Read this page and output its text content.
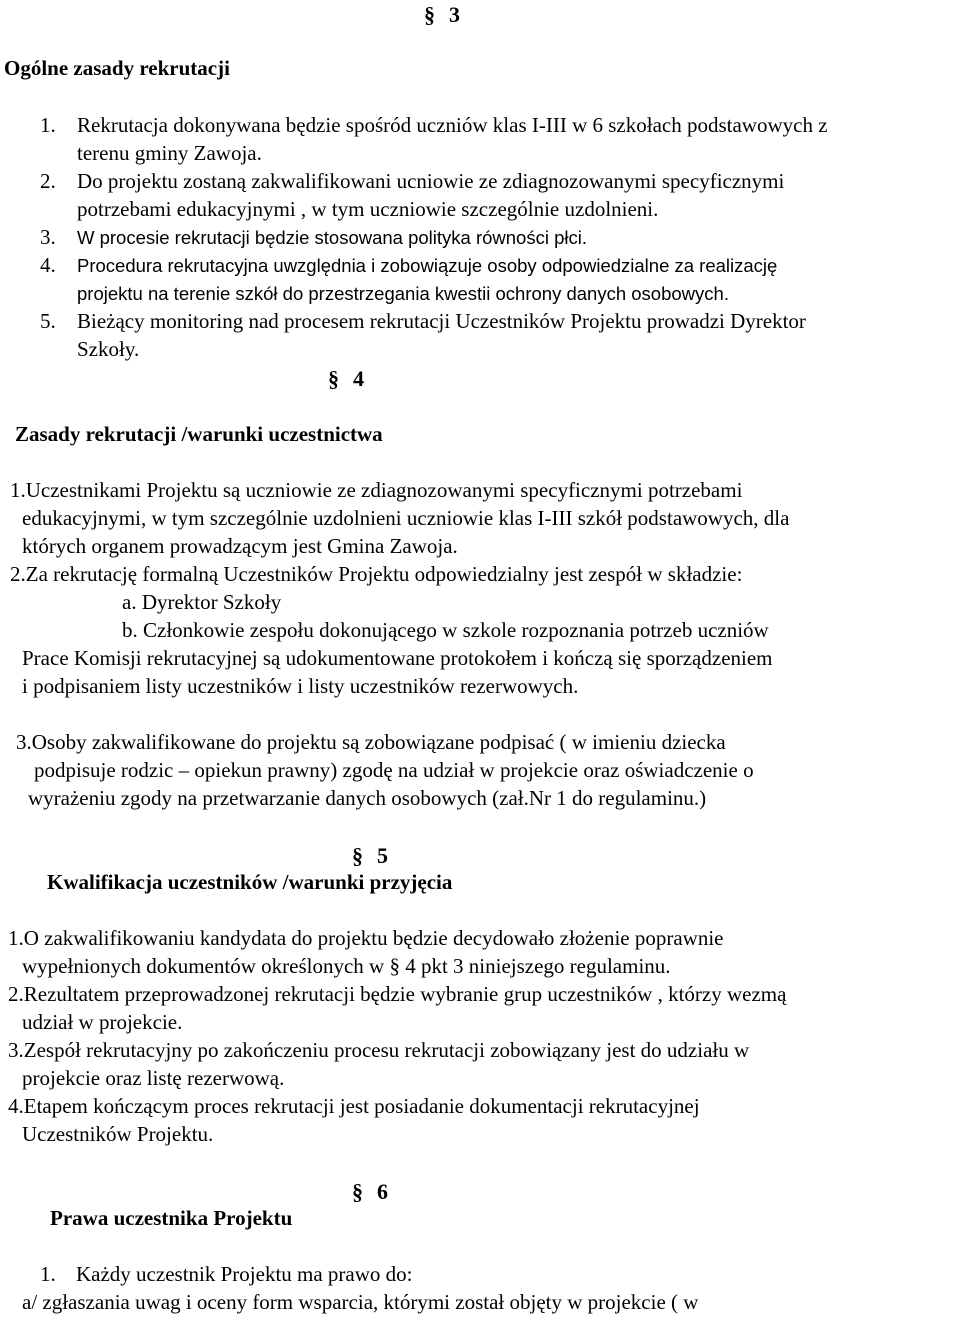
§ 3
Ogólne zasady rekrutacji
1. Rekrutacja dokonywana będzie spośród uczniów klas I-III w 6 szkołach podstawowych z
terenu gminy Zawoja.
2. Do projektu zostaną zakwalifikowani ucniowie ze zdiagnozowanymi specyficznymi
potrzebami edukacyjnymi , w tym uczniowie szczególnie uzdolnieni.
3. W procesie rekrutacji będzie stosowana polityka równości płci.
4. Procedura rekrutacyjna uwzględnia i zobowiązuje osoby odpowiedzialne za realizację
projektu na terenie szkół do przestrzegania kwestii ochrony danych osobowych.
5. Bieżący monitoring nad procesem rekrutacji Uczestników Projektu prowadzi Dyrektor
Szkoły.
§ 4
Zasady rekrutacji /warunki uczestnictwa
1.Uczestnikami Projektu są uczniowie ze zdiagnozowanymi specyficznymi potrzebami
edukacyjnymi, w tym szczególnie uzdolnieni uczniowie klas I-III szkół podstawowych, dla
których organem prowadzącym jest Gmina Zawoja.
2.Za rekrutację formalną Uczestników Projektu odpowiedzialny jest zespół w składzie:
a. Dyrektor Szkoły
b. Członkowie zespołu dokonującego w szkole rozpoznania potrzeb uczniów
Prace Komisji rekrutacyjnej są udokumentowane protokołem i kończą się sporządzeniem
i podpisaniem listy uczestników i listy uczestników rezerwowych.
3.Osoby zakwalifikowane do projektu są zobowiązane podpisać ( w imieniu dziecka
podpisuje rodzic – opiekun prawny) zgodę na udział w projekcie oraz oświadczenie o
wyrażeniu zgody na przetwarzanie danych osobowych (zał.Nr 1 do regulaminu.)
§ 5
Kwalifikacja uczestników /warunki przyjęcia
1.O zakwalifikowaniu kandydata do projektu będzie decydowało złożenie poprawnie
wypełnionych dokumentów określonych w § 4 pkt 3 niniejszego regulaminu.
2.Rezultatem przeprowadzonej rekrutacji będzie wybranie grup uczestników , którzy wezmą
udział w projekcie.
3.Zespół rekrutacyjny po zakończeniu procesu rekrutacji zobowiązany jest do udziału w
projekcie oraz listę rezerwową.
4.Etapem kończącym proces rekrutacji jest posiadanie dokumentacji rekrutacyjnej
Uczestników Projektu.
§ 6
Prawa uczestnika Projektu
1. Każdy uczestnik Projektu ma prawo do:
a/ zgłaszania uwag i oceny form wsparcia, którymi został objęty w projekcie ( w
